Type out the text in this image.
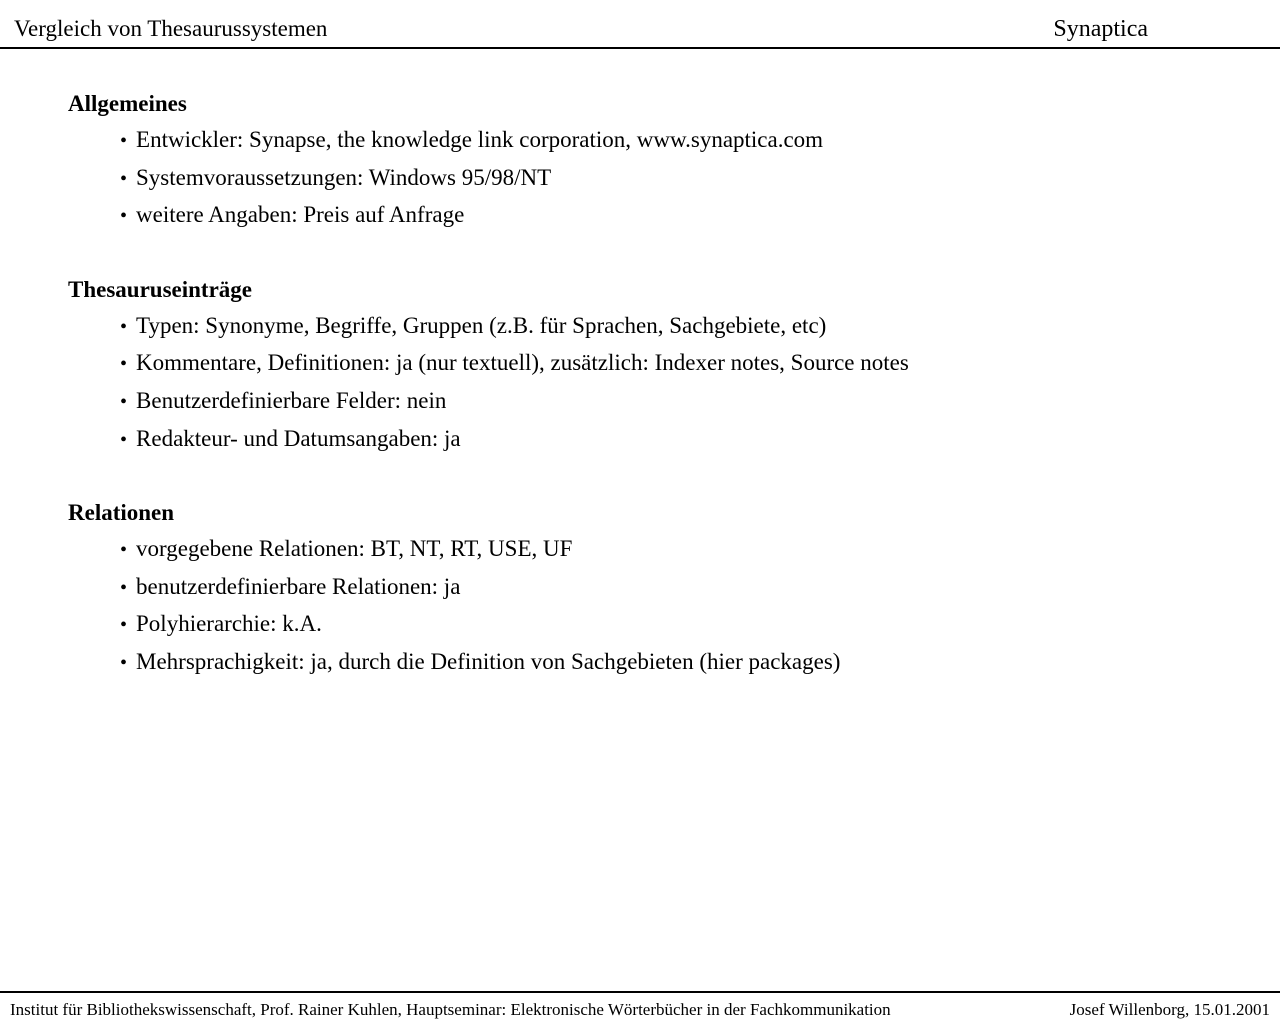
Vergleich von Thesaurussystemen	Synaptica
Allgemeines
• Entwickler: Synapse, the knowledge link corporation, www.synaptica.com
• Systemvoraussetzungen: Windows 95/98/NT
• weitere Angaben: Preis auf Anfrage
Thesauruseinträge
• Typen: Synonyme, Begriffe, Gruppen (z.B. für Sprachen, Sachgebiete, etc)
• Kommentare, Definitionen: ja (nur textuell), zusätzlich: Indexer notes, Source notes
• Benutzerdefinierbare Felder: nein
• Redakteur- und Datumsangaben: ja
Relationen
• vorgegebene Relationen: BT, NT, RT, USE, UF
• benutzerdefinierbare Relationen: ja
• Polyhierarchie: k.A.
• Mehrsprachigkeit: ja, durch die Definition von Sachgebieten (hier packages)
Institut für Bibliothekswissenschaft, Prof. Rainer Kuhlen, Hauptseminar: Elektronische Wörterbücher in der Fachkommunikation	Josef Willenborg, 15.01.2001
